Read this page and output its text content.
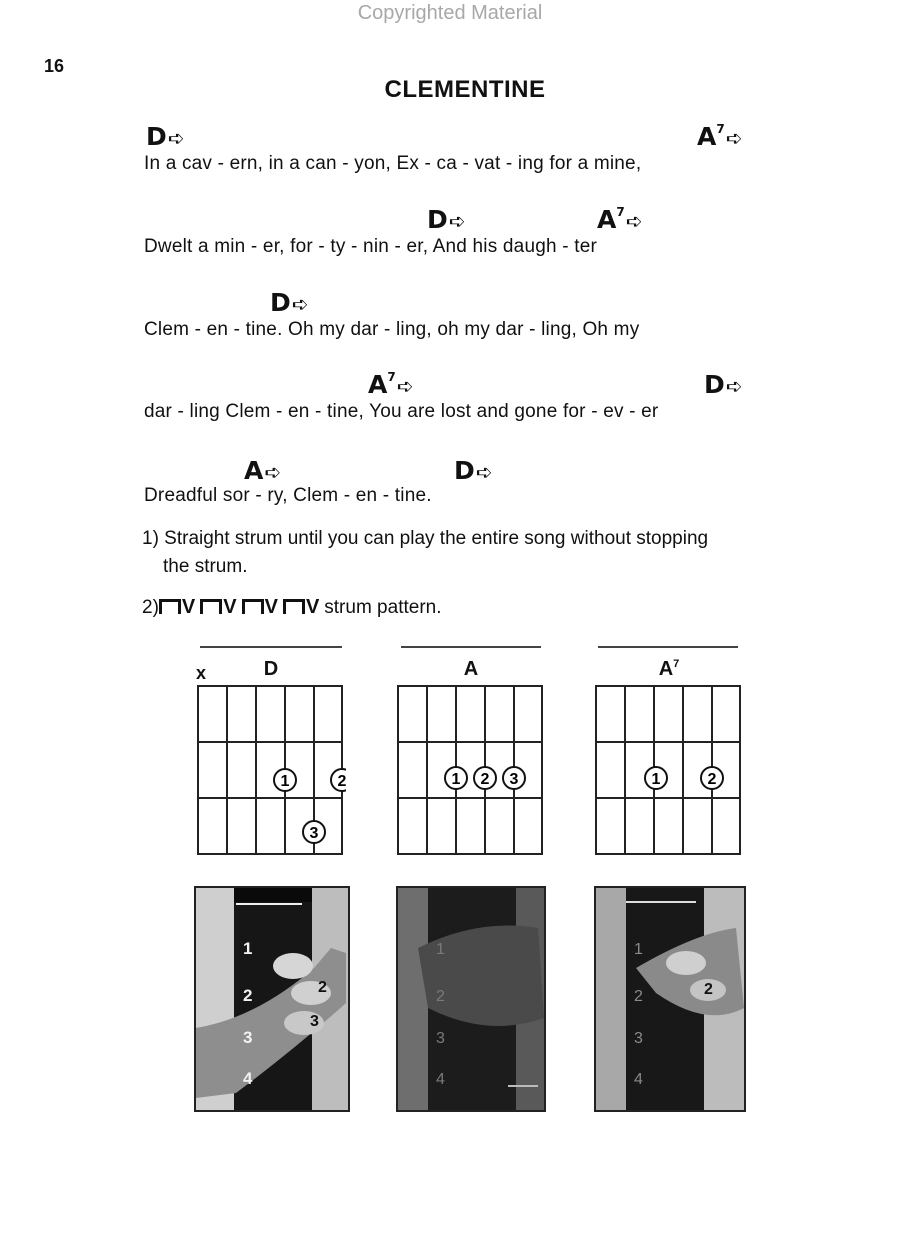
Copyrighted Material
16
CLEMENTINE
D➪	$A^7➪$
In a cav - ern, in a can - yon, Ex - ca - vat - ing for a mine,
D➪	$A^7➪$
Dwelt a min - er, for - ty - nin - er, And his daugh - ter
D➪
Clem - en - tine. Oh my dar - ling, oh my dar - ling, Oh my
$A^7➪$	D➪
dar - ling Clem - en - tine, You are lost and gone for - ev - er
A➪	D➪
Dreadful sor - ry, Clem - en - tine.
1) Straight strum until you can play the entire song without stopping
the strum.
2) V V V V strum pattern.
x	D
1	2
3
A
1 2 3
$A^7$
1	2
1
2
3
4
2
3
1
2
3
4
1
2
3
4
2
